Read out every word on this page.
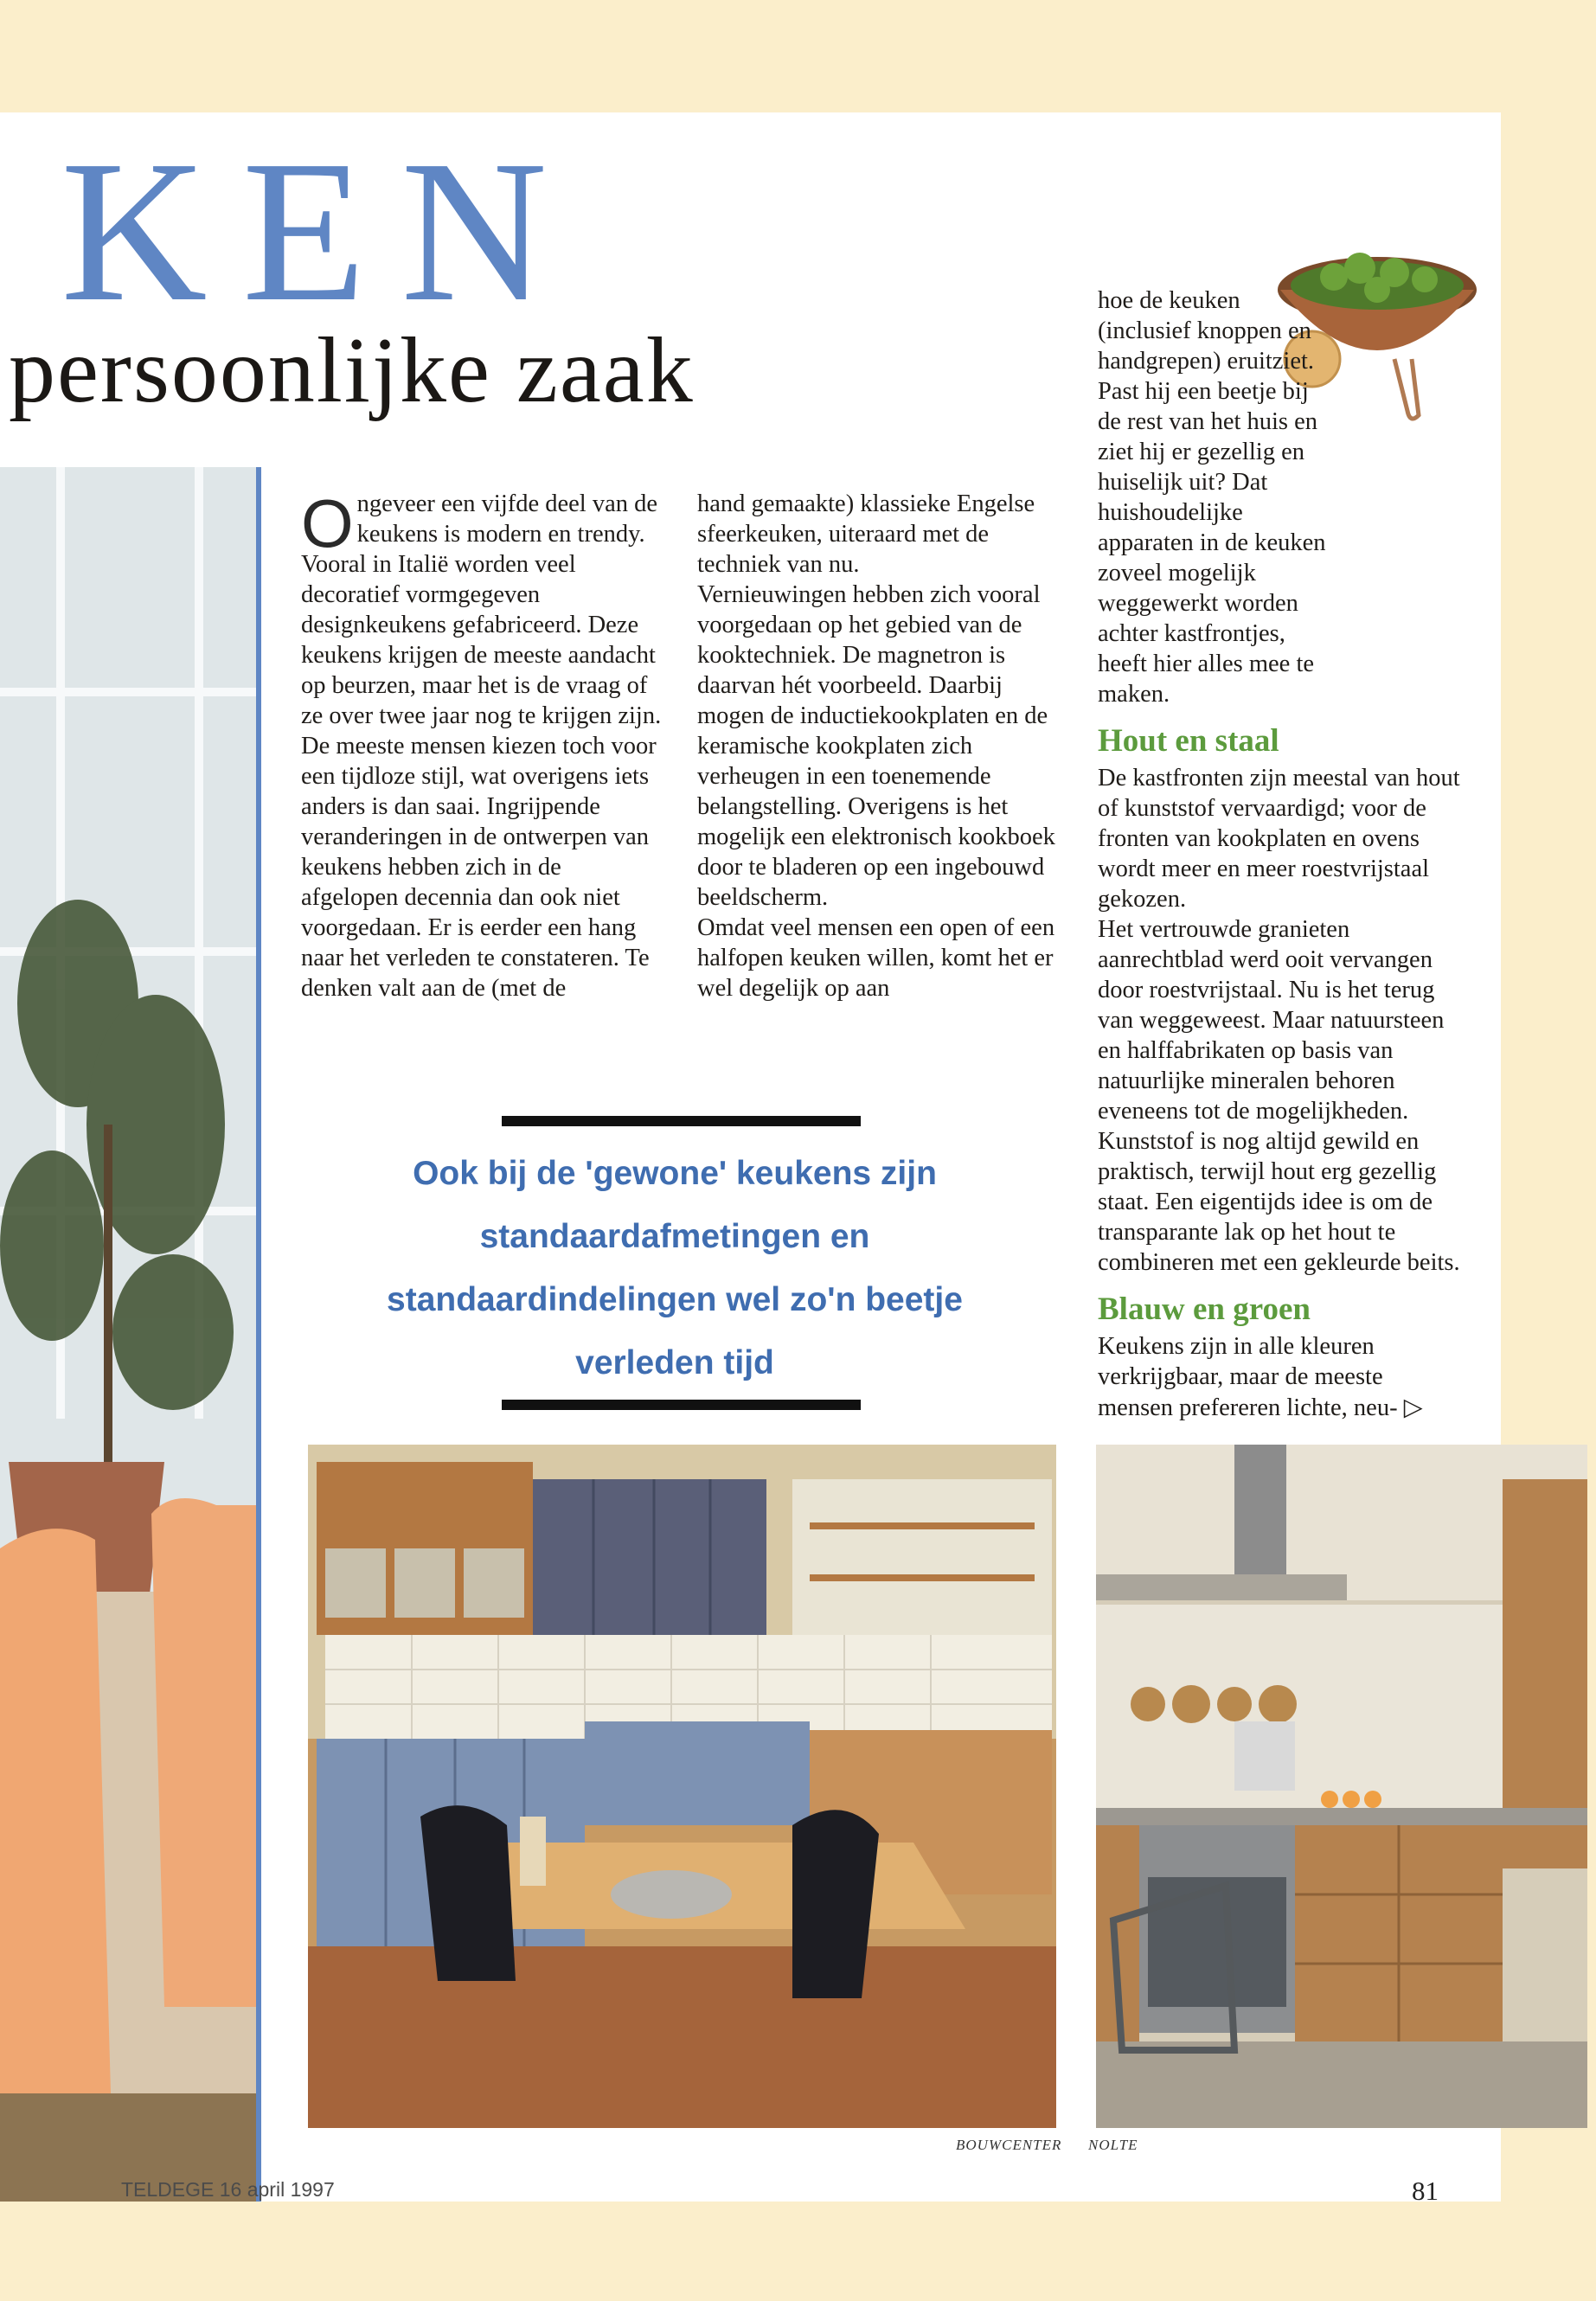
KEN
persoonlijke zaak

Ongeveer een vijfde deel van de keukens is modern en trendy. Vooral in Italië worden veel decoratief vormgegeven designkeukens gefabriceerd. Deze keukens krijgen de meeste aandacht op beurzen, maar het is de vraag of ze over twee jaar nog te krijgen zijn. De meeste mensen kiezen toch voor een tijdloze stijl, wat overigens iets anders is dan saai. Ingrijpende veranderingen in de ontwerpen van keukens hebben zich in de afgelopen decennia dan ook niet voorgedaan. Er is eerder een hang naar het verleden te constateren. Te denken valt aan de (met de

hand gemaakte) klassieke Engelse sfeerkeuken, uiteraard met de techniek van nu.

Vernieuwingen hebben zich vooral voorgedaan op het gebied van de kooktechniek. De magnetron is daarvan hét voorbeeld. Daarbij mogen de inductiekookplaten en de keramische kookplaten zich verheugen in een toenemende belangstelling. Overigens is het mogelijk een elektronisch kookboek door te bladeren op een ingebouwd beeldscherm.

Omdat veel mensen een open of een halfopen keuken willen, komt het er wel degelijk op aan

hoe de keuken (inclusief knoppen en handgrepen) eruitziet. Past hij een beetje bij de rest van het huis en ziet hij er gezellig en huiselijk uit? Dat huishoudelijke apparaten in de keuken zoveel mogelijk weggewerkt worden achter kastfrontjes, heeft hier alles mee te maken.

Hout en staal

De kastfronten zijn meestal van hout of kunststof vervaardigd; voor de fronten van kookplaten en ovens wordt meer en meer roestvrijstaal gekozen.

Het vertrouwde granieten aanrechtblad werd ooit vervangen door roestvrijstaal. Nu is het terug van weggeweest. Maar natuursteen en halffabrikaten op basis van natuurlijke mineralen behoren eveneens tot de mogelijkheden. Kunststof is nog altijd gewild en praktisch, terwijl hout erg gezellig staat. Een eigentijds idee is om de transparante lak op het hout te combineren met een gekleurde beits.

Blauw en groen

Keukens zijn in alle kleuren verkrijgbaar, maar de meeste mensen prefereren lichte, neu- ▷

Ook bij de 'gewone' keukens zijn
standaardafmetingen en
standaardindelingen wel zo'n beetje
verleden tijd
BOUWCENTER NOLTE
TELDEGE 16 april 1997	81
